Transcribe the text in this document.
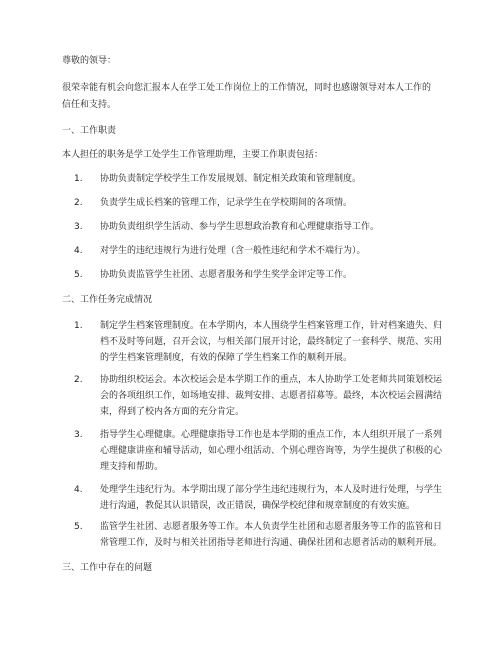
尊敬的领导：
很荣幸能有机会向您汇报本人在学工处工作岗位上的工作情况，同时也感谢领导对本人工作的
信任和支持。
一、工作职责
本人担任的职务是学工处学生工作管理助理，主要工作职责包括：
1. 协助负责制定学校学生工作发展规划、制定相关政策和管理制度。
2. 负责学生成长档案的管理工作，记录学生在学校期间的各项情。
3. 协助负责组织学生活动、参与学生思想政治教育和心理健康指导工作。
4. 对学生的违纪违规行为进行处理（含一般性违纪和学术不端行为）。
5. 协助负责监管学生社团、志愿者服务和学生奖学金评定等工作。
二、工作任务完成情况
1. 制定学生档案管理制度。在本学期内，本人围绕学生档案管理工作，针对档案遗失、归
档不及时等问题，召开会议，与相关部门展开讨论，最终制定了一套科学、规范、实用
的学生档案管理制度，有效的保障了学生档案工作的顺利开展。
2. 协助组织校运会。本次校运会是本学期工作的重点，本人协助学工处老师共同策划校运
会的各项组织工作，如场地安排、裁判安排、志愿者招募等。最终，本次校运会圆满结
束，得到了校内各方面的充分肯定。
3. 指导学生心理健康。心理健康指导工作也是本学期的重点工作，本人组织开展了一系列
心理健康讲座和辅导活动，如心理小组活动、个别心理咨询等，为学生提供了积极的心
理支持和帮助。
4. 处理学生违纪行为。本学期出现了部分学生违纪违规行为，本人及时进行处理，与学生
进行沟通，教促其认识错误，改正错误，确保学校纪律和规章制度的有效实施。
5. 监管学生社团、志愿者服务等工作。本人负责学生社团和志愿者服务等工作的监管和日
常管理工作，及时与相关社团指导老师进行沟通、确保社团和志愿者活动的顺利开展。
三、工作中存在的问题
